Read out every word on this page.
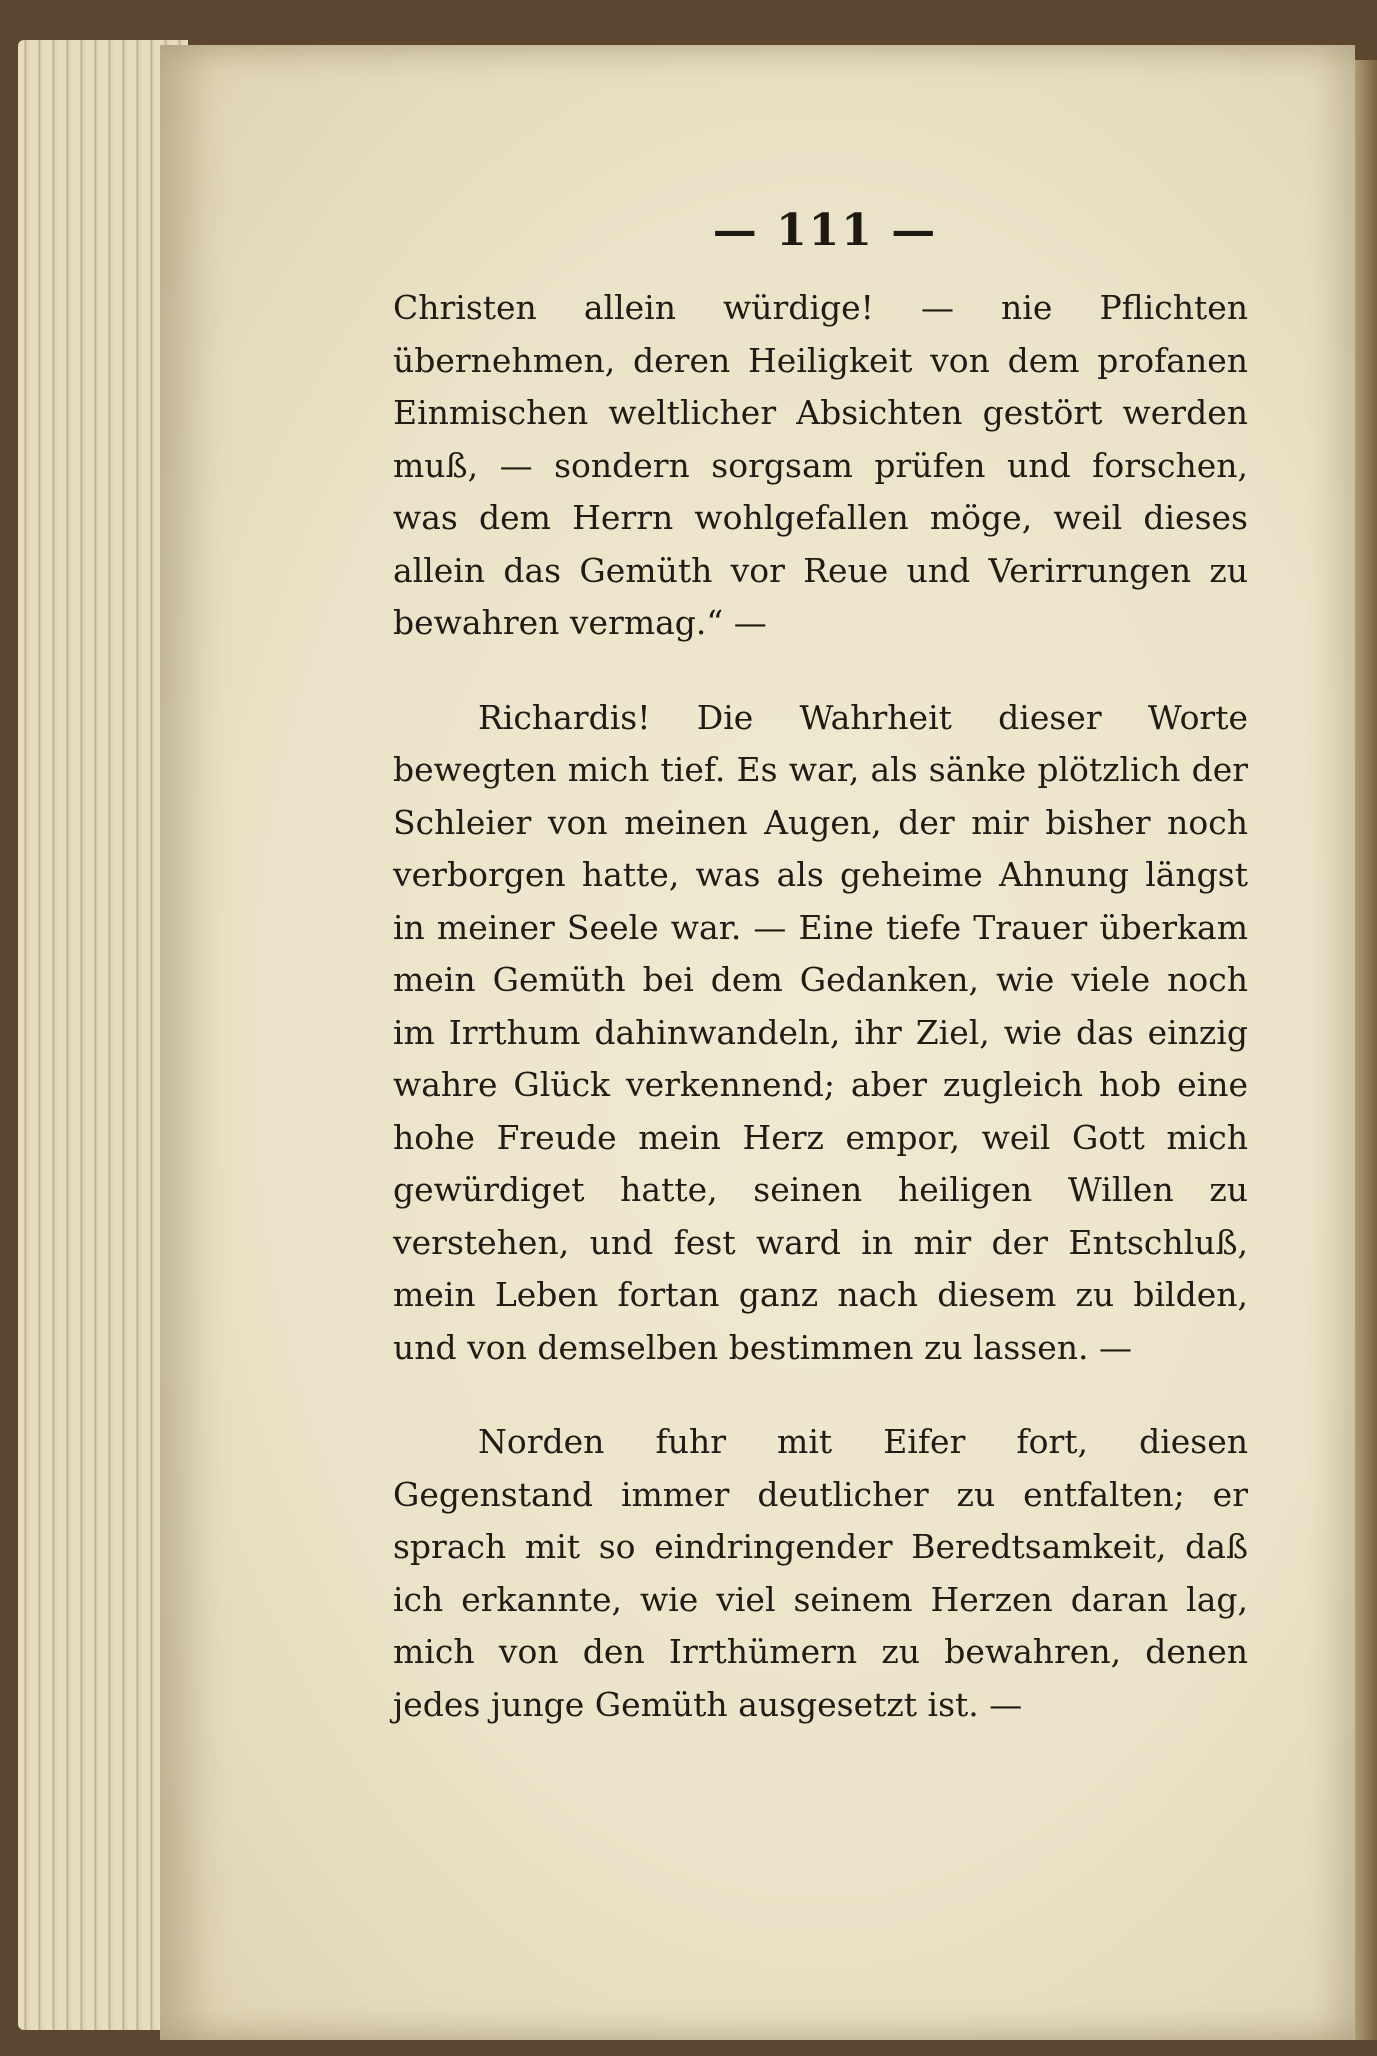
— 111 —

Christen allein würdige! — nie Pflichten übernehmen, deren Heiligkeit von dem profanen Einmischen weltlicher Absichten gestört werden muß, — sondern sorgsam prüfen und forschen, was dem Herrn wohlgefallen möge, weil dieses allein das Gemüth vor Reue und Verirrungen zu bewahren vermag.“ —

Richardis! Die Wahrheit dieser Worte bewegten mich tief. Es war, als sänke plötzlich der Schleier von meinen Augen, der mir bisher noch verborgen hatte, was als geheime Ahnung längst in meiner Seele war. — Eine tiefe Trauer überkam mein Gemüth bei dem Gedanken, wie viele noch im Irrthum dahinwandeln, ihr Ziel, wie das einzig wahre Glück verkennend; aber zugleich hob eine hohe Freude mein Herz empor, weil Gott mich gewürdiget hatte, seinen heiligen Willen zu verstehen, und fest ward in mir der Entschluß, mein Leben fortan ganz nach diesem zu bilden, und von demselben bestimmen zu lassen. —

Norden fuhr mit Eifer fort, diesen Gegenstand immer deutlicher zu entfalten; er sprach mit so eindringender Beredtsamkeit, daß ich erkannte, wie viel seinem Herzen daran lag, mich von den Irrthümern zu bewahren, denen jedes junge Gemüth ausgesetzt ist. —
